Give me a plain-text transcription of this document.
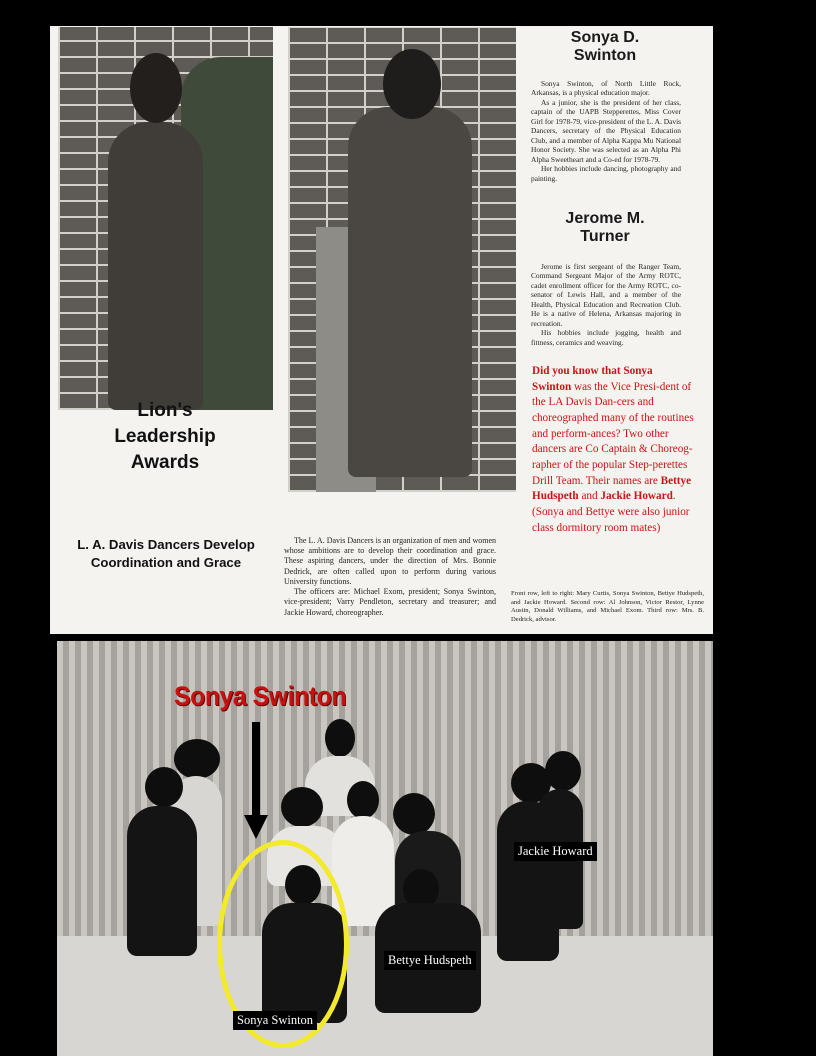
Sonya D.
Swinton

Sonya Swinton, of North Little Rock, Arkansas, is a physical education major.

As a junior, she is the president of her class, captain of the UAPB Stepperettes, Miss Cover Girl for 1978-79, vice-president of the L. A. Davis Dancers, secretary of the Physical Education Club, and a member of Alpha Kappa Mu National Honor Society. She was selected as an Alpha Phi Alpha Sweetheart and a Co-ed for 1978-79.

Her hobbies include dancing, photography and painting.

Jerome M.
Turner

Jerome is first sergeant of the Ranger Team, Command Sergeant Major of the Army ROTC, cadet enrollment officer for the Army ROTC, co-senator of Lewis Hall, and a member of the Health, Physical Education and Recreation Club. He is a native of Helena, Arkansas majoring in recreation.

His hobbies include jogging, health and fittness, ceramics and weaving.

Lion's
Leadership
Awards
Did you know that Sonya Swinton was the Vice Presi-dent of the LA Davis Dan-cers and choreographed many of the routines and perform-ances? Two other dancers are Co Captain & Choreog-rapher of the popular Step-perettes Drill Team. Their names are Bettye Hudspeth and Jackie Howard. (Sonya and Bettye were also junior class dormitory room mates)
L. A. Davis Dancers Develop
Coordination and Grace

The L. A. Davis Dancers is an organization of men and women whose ambitions are to develop their coordination and grace. These aspiring dancers, under the direction of Mrs. Bonnie Dedrick, are often called upon to perform during various University functions.

The officers are: Michael Exom, president; Sonya Swinton, vice-president; Varry Pendleton, secretary and treasurer; and Jackie Howard, choreographer.

Front row, left to right: Mary Curtis, Sonya Swinton, Bettye Hudspeth, and Jackie Howard. Second row: Al Johnson, Victor Restor, Lynne Austin, Donald Williams, and Michael Exom. Third row: Mrs. B. Dedrick, advisor.
Sonya Swinton
Jackie Howard
Bettye Hudspeth
Sonya Swinton
